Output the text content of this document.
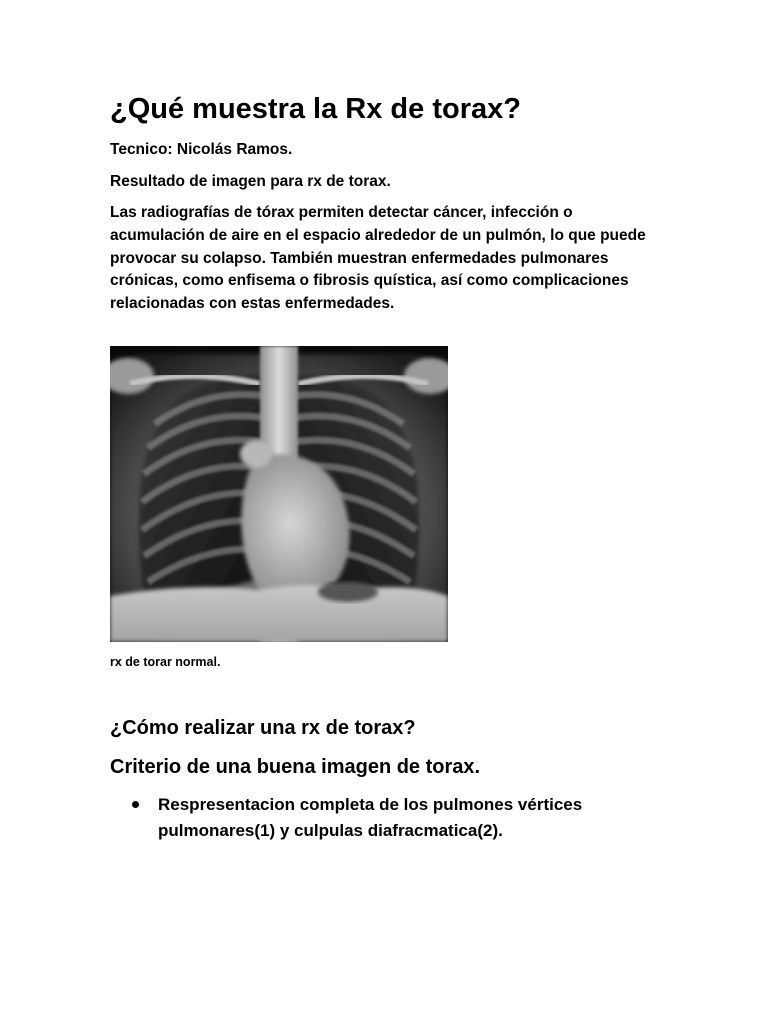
¿Qué muestra la Rx de torax?

Tecnico: Nicolás Ramos.

Resultado de imagen para rx de torax.

Las radiografías de tórax permiten detectar cáncer, infección o acumulación de aire en el espacio alrededor de un pulmón, lo que puede provocar su colapso. También muestran enfermedades pulmonares crónicas, como enfisema o fibrosis quística, así como complicaciones relacionadas con estas enfermedades.

rx de torar normal.

¿Cómo realizar una rx de torax?
Criterio de una buena imagen de torax.
Respresentacion completa de los pulmones vértices pulmonares(1) y culpulas diafracmatica(2).
